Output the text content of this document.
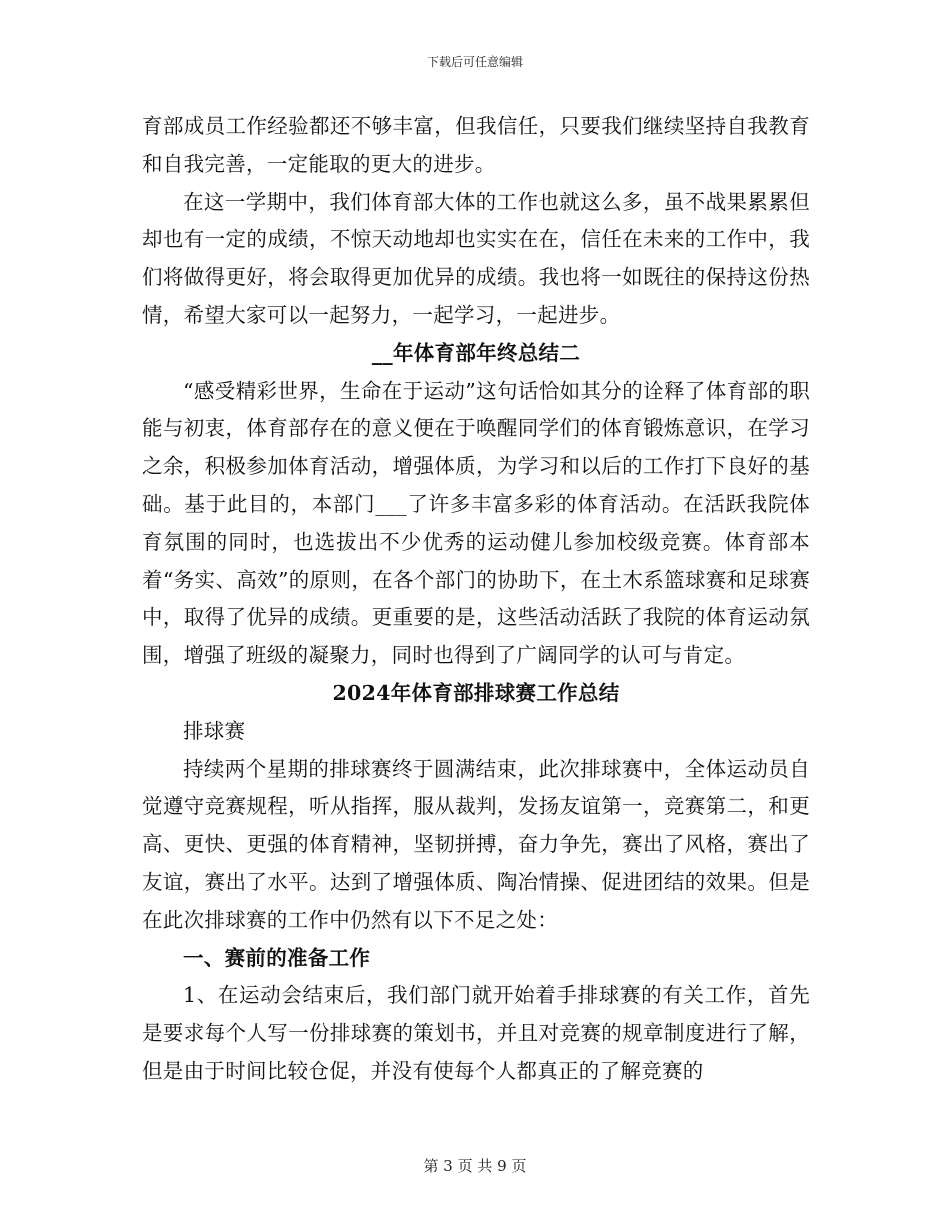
下载后可任意编辑

育部成员工作经验都还不够丰富，但我信任，只要我们继续坚持自我教育和自我完善，一定能取的更大的进步。

在这一学期中，我们体育部大体的工作也就这么多，虽不战果累累但却也有一定的成绩，不惊天动地却也实实在在，信任在未来的工作中，我们将做得更好，将会取得更加优异的成绩。我也将一如既往的保持这份热情，希望大家可以一起努力，一起学习，一起进步。

__年体育部年终总结二

“感受精彩世界，生命在于运动”这句话恰如其分的诠释了体育部的职能与初衷，体育部存在的意义便在于唤醒同学们的体育锻炼意识，在学习之余，积极参加体育活动，增强体质，为学习和以后的工作打下良好的基础。基于此目的，本部门___了许多丰富多彩的体育活动。在活跃我院体育氛围的同时，也选拔出不少优秀的运动健儿参加校级竞赛。体育部本着“务实、高效”的原则，在各个部门的协助下，在土木系篮球赛和足球赛中，取得了优异的成绩。更重要的是，这些活动活跃了我院的体育运动氛围，增强了班级的凝聚力，同时也得到了广阔同学的认可与肯定。

2024年体育部排球赛工作总结

排球赛

持续两个星期的排球赛终于圆满结束，此次排球赛中，全体运动员自觉遵守竞赛规程，听从指挥，服从裁判，发扬友谊第一，竞赛第二，和更高、更快、更强的体育精神，坚韧拼搏，奋力争先，赛出了风格，赛出了友谊，赛出了水平。达到了增强体质、陶冶情操、促进团结的效果。但是在此次排球赛的工作中仍然有以下不足之处：

一、赛前的准备工作

1、在运动会结束后，我们部门就开始着手排球赛的有关工作，首先是要求每个人写一份排球赛的策划书，并且对竞赛的规章制度进行了解，但是由于时间比较仓促，并没有使每个人都真正的了解竞赛的

第 3 页 共 9 页
